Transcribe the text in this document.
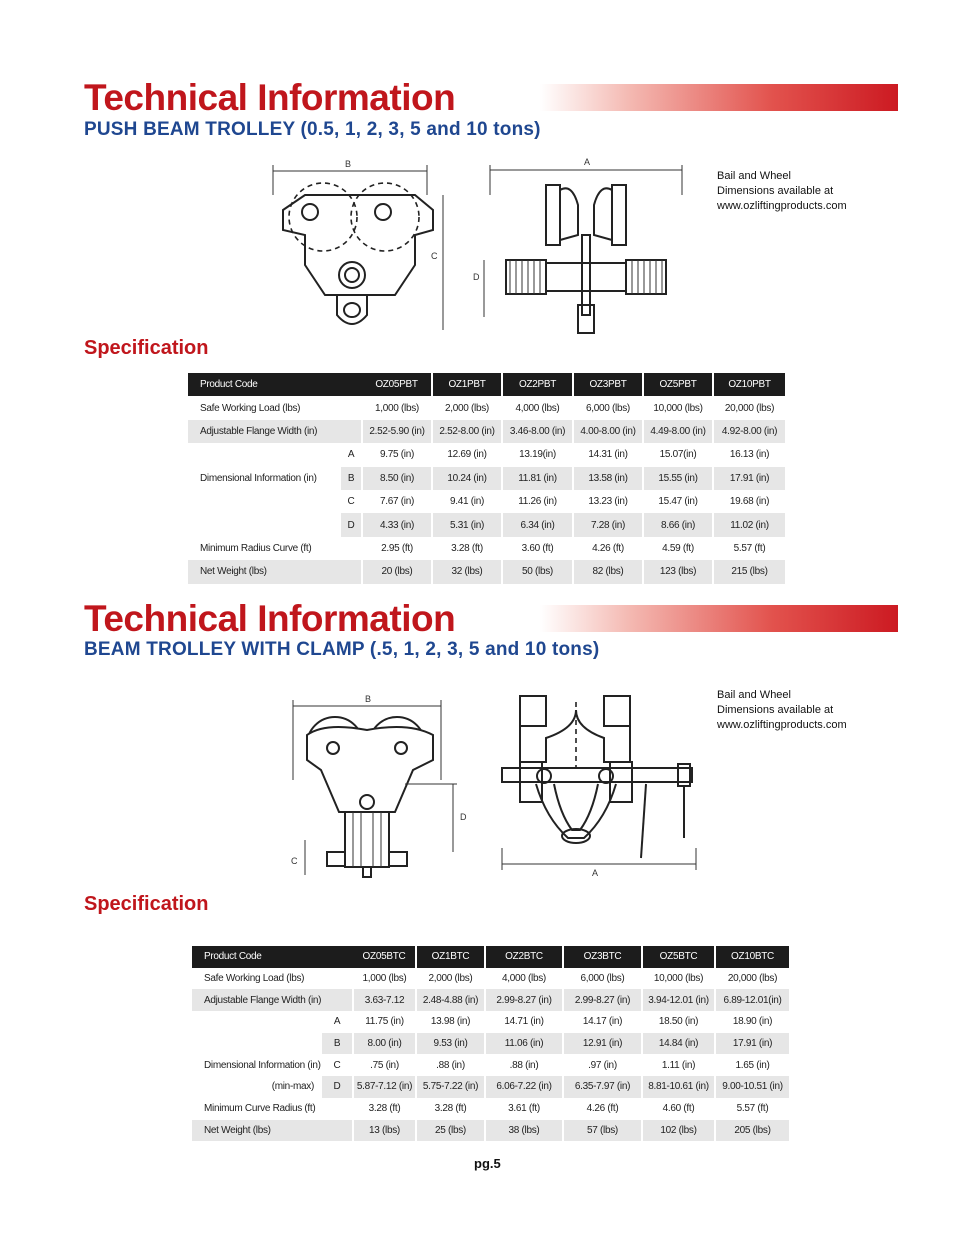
Technical Information
PUSH BEAM TROLLEY (0.5, 1, 2, 3, 5 and 10 tons)
B
C
A
D
Bail and Wheel
Dimensions available at
www.ozliftingproducts.com
Specification
Product Code		OZ05PBT	OZ1PBT	OZ2PBT	OZ3PBT	OZ5PBT	OZ10PBT
Safe Working Load (lbs)		1,000 (lbs)	2,000 (lbs)	4,000 (lbs)	6,000 (lbs)	10,000 (lbs)	20,000 (lbs)
Adjustable Flange Width (in)		2.52-5.90 (in)	2.52-8.00 (in)	3.46-8.00 (in)	4.00-8.00 (in)	4.49-8.00 (in)	4.92-8.00 (in)
	A	9.75 (in)	12.69 (in)	13.19(in)	14.31 (in)	15.07(in)	16.13 (in)
Dimensional Information (in)	B	8.50 (in)	10.24 (in)	11.81 (in)	13.58 (in)	15.55 (in)	17.91 (in)
	C	7.67 (in)	9.41 (in)	11.26 (in)	13.23 (in)	15.47 (in)	19.68 (in)
	D	4.33 (in)	5.31 (in)	6.34 (in)	7.28 (in)	8.66 (in)	11.02 (in)
Minimum Radius Curve (ft)		2.95 (ft)	3.28 (ft)	3.60 (ft)	4.26 (ft)	4.59 (ft)	5.57 (ft)
Net Weight (lbs)		20 (lbs)	32 (lbs)	50 (lbs)	82 (lbs)	123 (lbs)	215 (lbs)
Technical Information
BEAM TROLLEY WITH CLAMP (.5, 1, 2, 3, 5 and 10 tons)
B
D
C
A
Bail and Wheel
Dimensions available at
www.ozliftingproducts.com
Specification
Product Code		OZ05BTC	OZ1BTC	OZ2BTC	OZ3BTC	OZ5BTC	OZ10BTC
Safe Working Load (lbs)		1,000 (lbs)	2,000 (lbs)	4,000 (lbs)	6,000 (lbs)	10,000 (lbs)	20,000 (lbs)
Adjustable Flange Width (in)		3.63-7.12	2.48-4.88 (in)	2.99-8.27 (in)	2.99-8.27 (in)	3.94-12.01 (in)	6.89-12.01(in)
	A	11.75 (in)	13.98 (in)	14.71 (in)	14.17 (in)	18.50 (in)	18.90 (in)
	B	8.00 (in)	9.53 (in)	11.06 (in)	12.91 (in)	14.84 (in)	17.91 (in)
Dimensional Information (in)	C	.75 (in)	.88 (in)	.88 (in)	.97 (in)	1.11 (in)	1.65 (in)
(min-max)	D	5.87-7.12 (in)	5.75-7.22 (in)	6.06-7.22 (in)	6.35-7.97 (in)	8.81-10.61 (in)	9.00-10.51 (in)
Minimum Curve Radius (ft)		3.28 (ft)	3.28 (ft)	3.61 (ft)	4.26 (ft)	4.60 (ft)	5.57 (ft)
Net Weight (lbs)		13 (lbs)	25 (lbs)	38 (lbs)	57 (lbs)	102 (lbs)	205 (lbs)
pg.5
